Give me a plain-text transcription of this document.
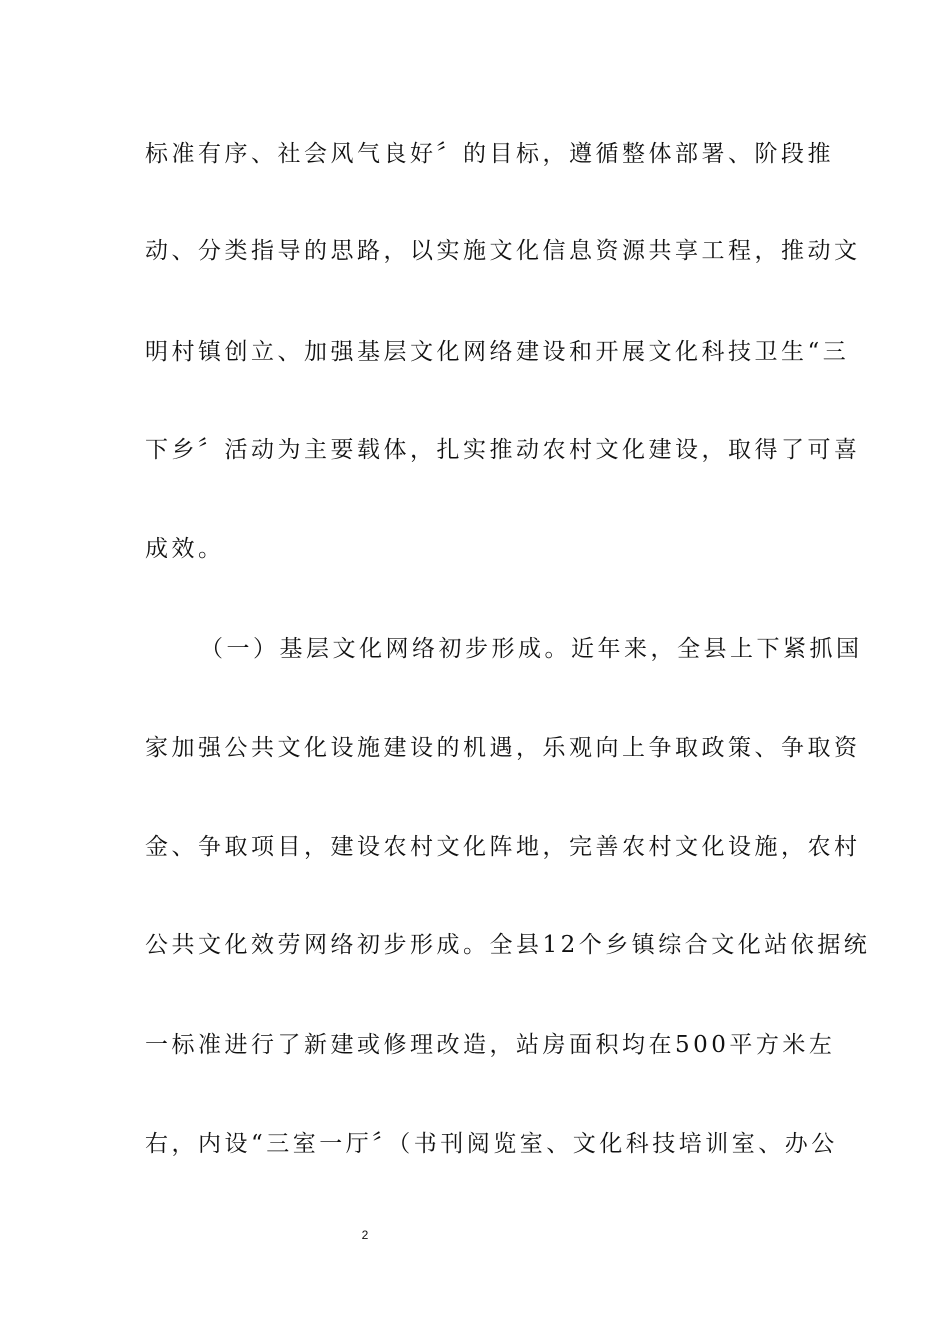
标准有序、社会风气良好〞的目标，遵循整体部署、阶段推
动、分类指导的思路，以实施文化信息资源共享工程，推动文
明村镇创立、加强基层文化网络建设和开展文化科技卫生“三
下乡〞活动为主要载体，扎实推动农村文化建设，取得了可喜
成效。
（一）基层文化网络初步形成。近年来，全县上下紧抓国
家加强公共文化设施建设的机遇，乐观向上争取政策、争取资
金、争取项目，建设农村文化阵地，完善农村文化设施，农村
公共文化效劳网络初步形成。全县12个乡镇综合文化站依据统
一标准进行了新建或修理改造，站房面积均在500平方米左
右，内设“三室一厅〞（书刊阅览室、文化科技培训室、办公
2
